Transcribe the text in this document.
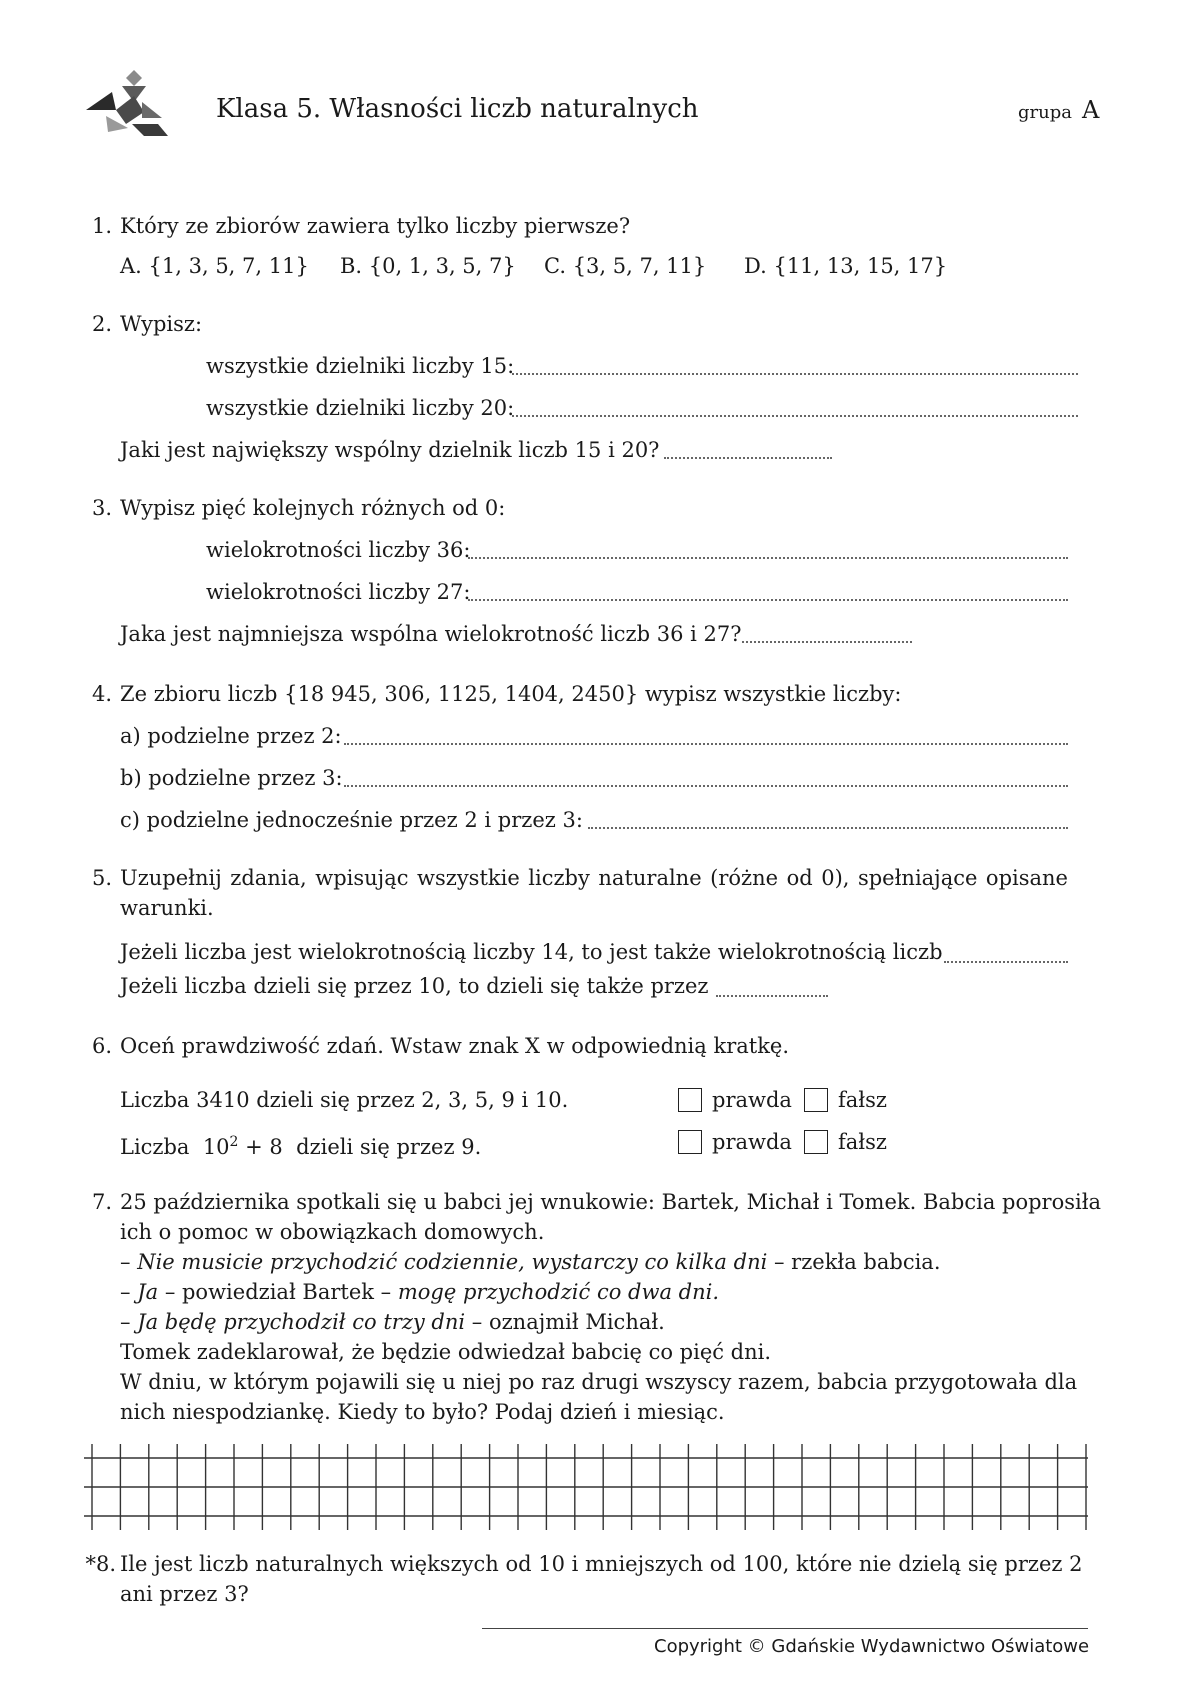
Klasa 5. Własności liczb naturalnych	grupa A
1. Który ze zbiorów zawiera tylko liczby pierwsze?
A. {1, 3, 5, 7, 11} B. {0, 1, 3, 5, 7} C. {3, 5, 7, 11} D. {11, 13, 15, 17}
2. Wypisz:
wszystkie dzielniki liczby 15:
wszystkie dzielniki liczby 20:
Jaki jest największy wspólny dzielnik liczb 15 i 20?
3. Wypisz pięć kolejnych różnych od 0:
wielokrotności liczby 36:
wielokrotności liczby 27:
Jaka jest najmniejsza wspólna wielokrotność liczb 36 i 27?
4. Ze zbioru liczb {18 945, 306, 1125, 1404, 2450} wypisz wszystkie liczby:
a) podzielne przez 2:
b) podzielne przez 3:
c) podzielne jednocześnie przez 2 i przez 3:
5. Uzupełnij zdania, wpisując wszystkie liczby naturalne (różne od 0), spełniające opisane
warunki.
Jeżeli liczba jest wielokrotnością liczby 14, to jest także wielokrotnością liczb
Jeżeli liczba dzieli się przez 10, to dzieli się także przez
6. Oceń prawdziwość zdań. Wstaw znak X w odpowiednią kratkę.
Liczba 3410 dzieli się przez 2, 3, 5, 9 i 10.	prawda fałsz
Liczba $10^2 + 8$  dzieli się przez 9.	prawda fałsz
7. 25 października spotkali się u babci jej wnukowie: Bartek, Michał i Tomek. Babcia poprosiła
ich o pomoc w obowiązkach domowych.
– Nie musicie przychodzić codziennie, wystarczy co kilka dni – rzekła babcia.
– Ja – powiedział Bartek – mogę przychodzić co dwa dni.
– Ja będę przychodził co trzy dni – oznajmił Michał.
Tomek zadeklarował, że będzie odwiedzał babcię co pięć dni.
W dniu, w którym pojawili się u niej po raz drugi wszyscy razem, babcia przygotowała dla
nich niespodziankę. Kiedy to było? Podaj dzień i miesiąc.
*8. Ile jest liczb naturalnych większych od 10 i mniejszych od 100, które nie dzielą się przez 2
ani przez 3?
Copyright © Gdańskie Wydawnictwo Oświatowe
